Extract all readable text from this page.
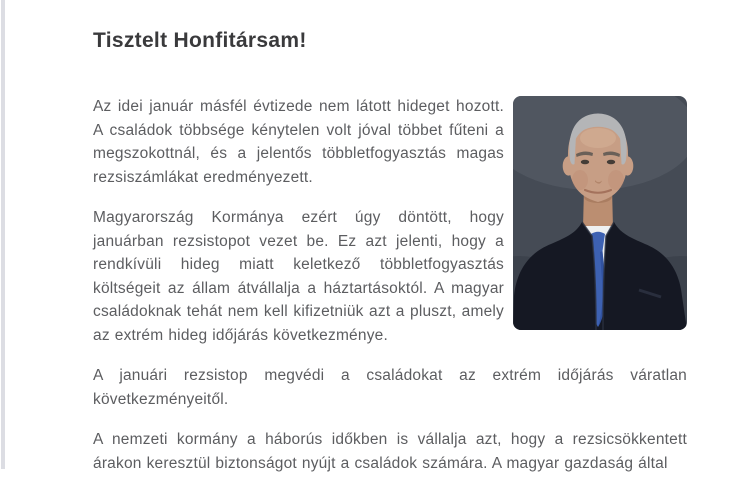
Tisztelt Honfitársam!

Az idei január másfél évtizede nem látott hideget hozott. A családok többsége kénytelen volt jóval többet fűteni a megszokottnál, és a jelentős többletfogyasztás magas rezsiszámlákat eredményezett.

Magyarország Kormánya ezért úgy döntött, hogy januárban rezsistopot vezet be. Ez azt jelenti, hogy a rendkívüli hideg miatt keletkező többletfogyasztás költségeit az állam átvállalja a háztartásoktól. A magyar családoknak tehát nem kell kifizetniük azt a pluszt, amely az extrém hideg időjárás következménye.

A januári rezsistop megvédi a családokat az extrém időjárás váratlan következményeitől.

A nemzeti kormány a háborús időkben is vállalja azt, hogy a rezsicsökkentett árakon keresztül biztonságot nyújt a családok számára. A magyar gazdaság által
